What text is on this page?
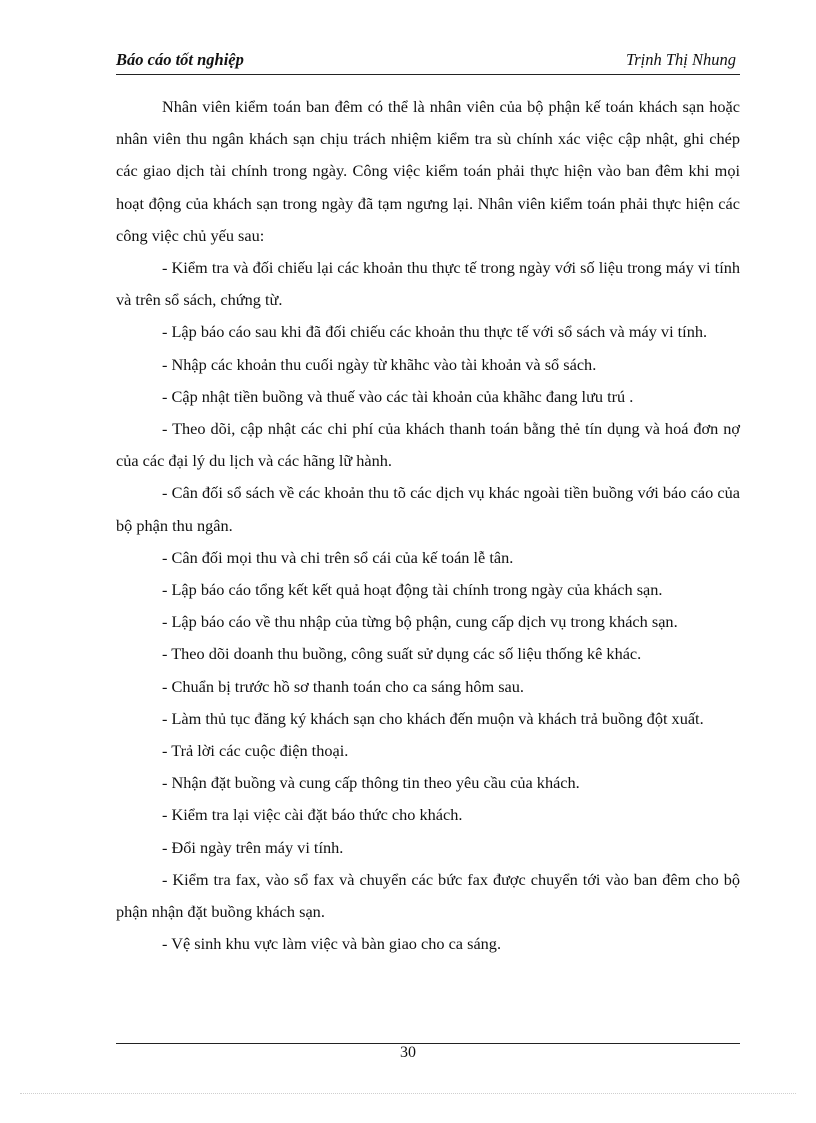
Báo cáo tốt nghiệp	Trịnh Thị Nhung

Nhân viên kiểm toán ban đêm có thể là nhân viên của bộ phận kế toán khách sạn hoặc nhân viên thu ngân khách sạn chịu trách nhiệm kiểm tra sù chính xác việc cập nhật, ghi chép các giao dịch tài chính trong ngày. Công việc kiểm toán phải thực hiện vào ban đêm khi mọi hoạt động của khách sạn trong ngày đã tạm ngưng lại. Nhân viên kiểm toán phải thực hiện các công việc chủ yếu sau:

- Kiểm tra và đối chiếu lại các khoản thu thực tế trong ngày với số liệu trong máy vi tính và trên sổ sách, chứng từ.

- Lập báo cáo sau khi đã đối chiếu các khoản thu thực tế với sổ sách và máy vi tính.

- Nhập các khoản thu cuối ngày từ khãhc vào tài khoản và sổ sách.

- Cập nhật tiền buồng và thuế vào các tài khoản của khãhc đang lưu trú .

- Theo dõi, cập nhật các chi phí của khách thanh toán bằng thẻ tín dụng và hoá đơn nợ của các đại lý du lịch và các hãng lữ hành.

- Cân đối sổ sách về các khoản thu tõ các dịch vụ khác ngoài tiền buồng với báo cáo của bộ phận thu ngân.

- Cân đối mọi thu và chi trên sổ cái của kế toán lễ tân.

- Lập báo cáo tổng kết kết quả hoạt động tài chính trong ngày của khách sạn.

- Lập báo cáo về thu nhập của từng bộ phận, cung cấp dịch vụ trong khách sạn.

- Theo dõi doanh thu buồng, công suất sử dụng các số liệu thống kê khác.

- Chuẩn bị trước hồ sơ thanh toán cho ca sáng hôm sau.

- Làm thủ tục đăng ký khách sạn cho khách đến muộn và khách trả buồng đột xuất.

- Trả lời các cuộc điện thoại.

- Nhận đặt buồng và cung cấp thông tin theo yêu cầu của khách.

- Kiểm tra lại việc cài đặt báo thức cho khách.

- Đổi ngày trên máy vi tính.

- Kiểm tra fax, vào sổ fax và chuyển các bức fax được chuyển tới vào ban đêm cho bộ phận nhận đặt buồng khách sạn.

- Vệ sinh khu vực làm việc và bàn giao cho ca sáng.

30
